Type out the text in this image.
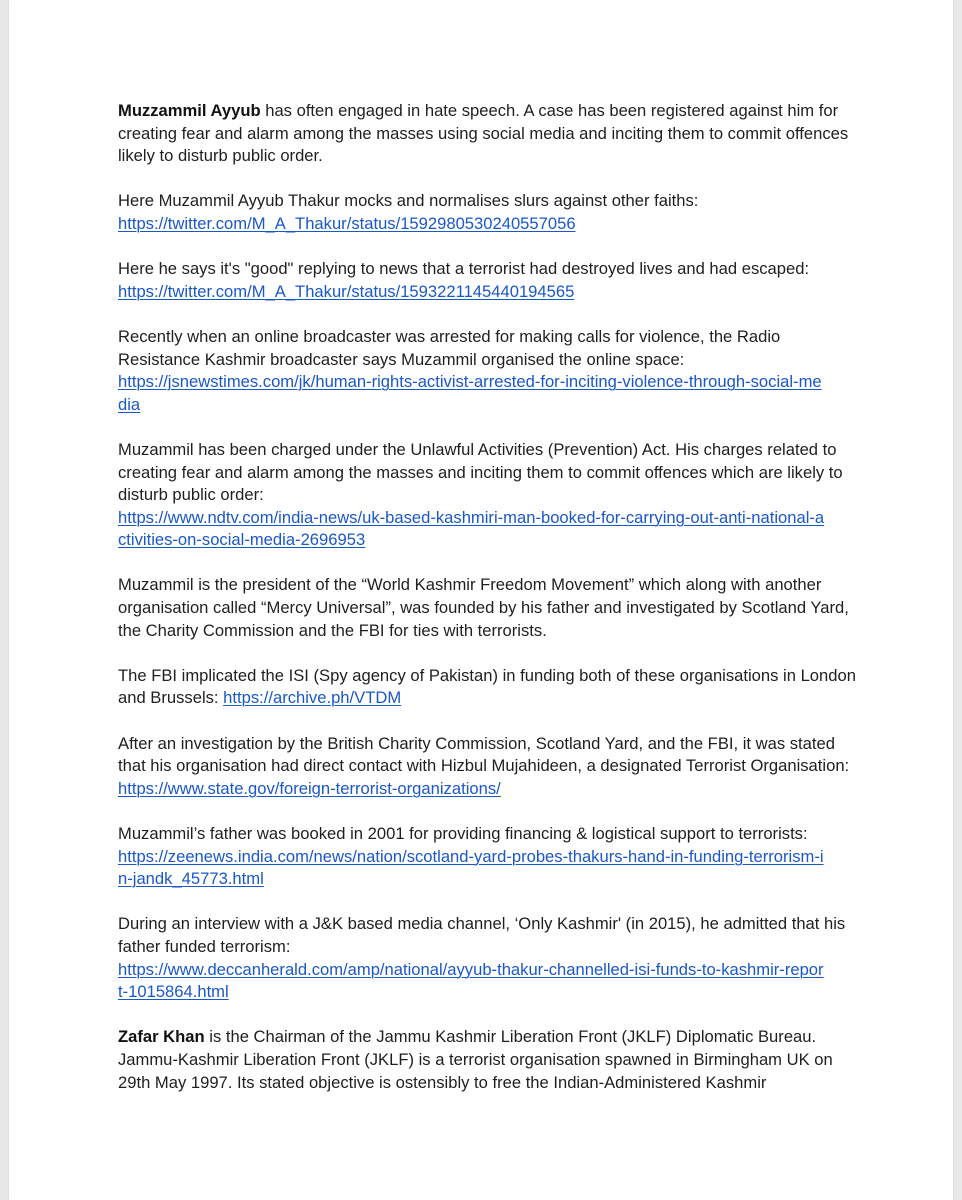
Muzzammil Ayyub has often engaged in hate speech. A case has been registered against him for creating fear and alarm among the masses using social media and inciting them to commit offences likely to disturb public order.

Here Muzammil Ayyub Thakur mocks and normalises slurs against other faiths:
https://twitter.com/M_A_Thakur/status/1592980530240557056

Here he says it's "good" replying to news that a terrorist had destroyed lives and had escaped:
https://twitter.com/M_A_Thakur/status/1593221145440194565

Recently when an online broadcaster was arrested for making calls for violence, the Radio Resistance Kashmir broadcaster says Muzammil organised the online space:
https://jsnewstimes.com/jk/human-rights-activist-arrested-for-inciting-violence-through-social-me
dia

Muzammil has been charged under the Unlawful Activities (Prevention) Act. His charges related to creating fear and alarm among the masses and inciting them to commit offences which are likely to disturb public order:
https://www.ndtv.com/india-news/uk-based-kashmiri-man-booked-for-carrying-out-anti-national-a
ctivities-on-social-media-2696953

Muzammil is the president of the “World Kashmir Freedom Movement” which along with another organisation called “Mercy Universal”, was founded by his father and investigated by Scotland Yard, the Charity Commission and the FBI for ties with terrorists.

The FBI implicated the ISI (Spy agency of Pakistan) in funding both of these organisations in London and Brussels: https://archive.ph/VTDM

After an investigation by the British Charity Commission, Scotland Yard, and the FBI, it was stated that his organisation had direct contact with Hizbul Mujahideen, a designated Terrorist Organisation: https://www.state.gov/foreign-terrorist-organizations/

Muzammil’s father was booked in 2001 for providing financing & logistical support to terrorists:
https://zeenews.india.com/news/nation/scotland-yard-probes-thakurs-hand-in-funding-terrorism-i
n-jandk_45773.html

During an interview with a J&K based media channel, ‘Only Kashmir' (in 2015), he admitted that his father funded terrorism:
https://www.deccanherald.com/amp/national/ayyub-thakur-channelled-isi-funds-to-kashmir-repor
t-1015864.html

Zafar Khan is the Chairman of the Jammu Kashmir Liberation Front (JKLF) Diplomatic Bureau. Jammu-Kashmir Liberation Front (JKLF) is a terrorist organisation spawned in Birmingham UK on 29th May 1997. Its stated objective is ostensibly to free the Indian-Administered Kashmir
